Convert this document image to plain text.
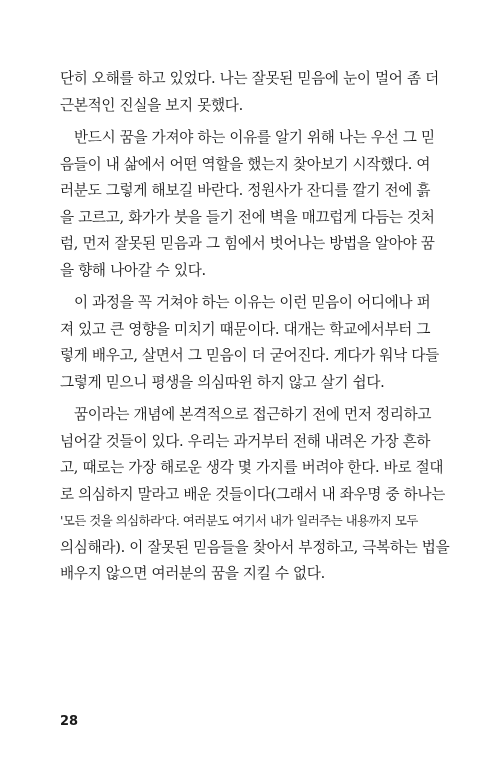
단히 오해를 하고 있었다. 나는 잘못된 믿음에 눈이 멀어 좀 더
근본적인 진실을 보지 못했다.
반드시 꿈을 가져야 하는 이유를 알기 위해 나는 우선 그 믿
음들이 내 삶에서 어떤 역할을 했는지 찾아보기 시작했다. 여
러분도 그렇게 해보길 바란다. 정원사가 잔디를 깔기 전에 흙
을 고르고, 화가가 붓을 들기 전에 벽을 매끄럽게 다듬는 것처
럼, 먼저 잘못된 믿음과 그 힘에서 벗어나는 방법을 알아야 꿈
을 향해 나아갈 수 있다.
이 과정을 꼭 거쳐야 하는 이유는 이런 믿음이 어디에나 퍼
져 있고 큰 영향을 미치기 때문이다. 대개는 학교에서부터 그
렇게 배우고, 살면서 그 믿음이 더 굳어진다. 게다가 워낙 다들
그렇게 믿으니 평생을 의심따윈 하지 않고 살기 쉽다.
꿈이라는 개념에 본격적으로 접근하기 전에 먼저 정리하고
넘어갈 것들이 있다. 우리는 과거부터 전해 내려온 가장 흔하
고, 때로는 가장 해로운 생각 몇 가지를 버려야 한다. 바로 절대
로 의심하지 말라고 배운 것들이다(그래서 내 좌우명 중 하나는
'모든 것을 의심하라'다. 여러분도 여기서 내가 일러주는 내용까지 모두
의심해라). 이 잘못된 믿음들을 찾아서 부정하고, 극복하는 법을
배우지 않으면 여러분의 꿈을 지킬 수 없다.
28
